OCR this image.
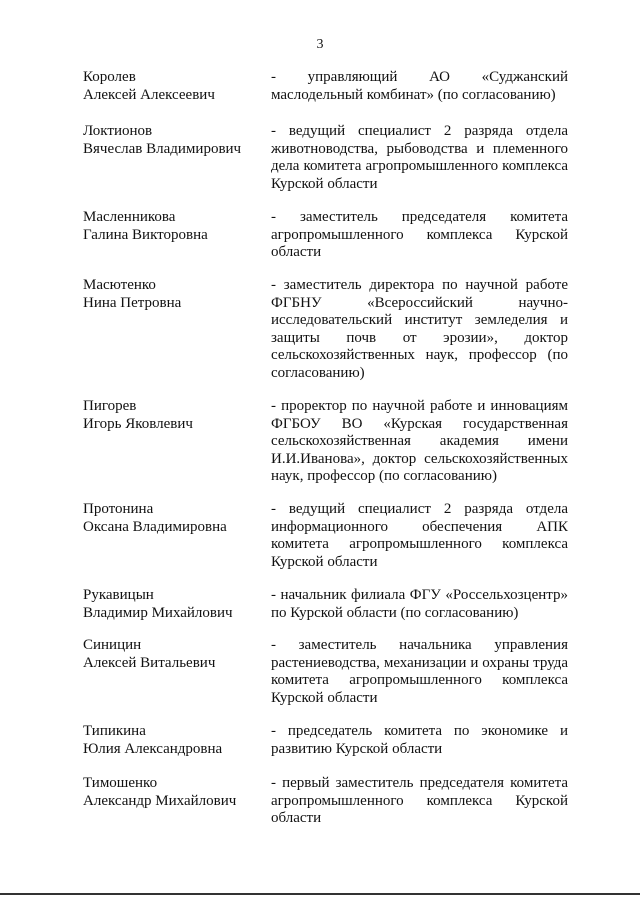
3
Королев
Алексей Алексеевич
- управляющий АО «Суджанский маслодельный комбинат» (по согласованию)
Локтионов
Вячеслав Владимирович
- ведущий специалист 2 разряда отдела животноводства, рыбоводства и племенного дела комитета агропромышленного комплекса Курской области
Масленникова
Галина Викторовна
- заместитель председателя комитета агропромышленного комплекса Курской области
Масютенко
Нина Петровна
- заместитель директора по научной работе ФГБНУ «Всероссийский научно-исследовательский институт земледелия и защиты почв от эрозии», доктор сельскохозяйственных наук, профессор (по согласованию)
Пигорев
Игорь Яковлевич
- проректор по научной работе и инновациям ФГБОУ ВО «Курская государственная сельскохозяйственная академия имени И.И.Иванова», доктор сельскохозяйственных наук, профессор (по согласованию)
Протонина
Оксана Владимировна
- ведущий специалист 2 разряда отдела информационного обеспечения АПК комитета агропромышленного комплекса Курской области
Рукавицын
Владимир Михайлович
- начальник филиала ФГУ «Россельхозцентр» по Курской области (по согласованию)
Синицин
Алексей Витальевич
- заместитель начальника управления растениеводства, механизации и охраны труда комитета агропромышленного комплекса Курской области
Типикина
Юлия Александровна
- председатель комитета по экономике и развитию Курской области
Тимошенко
Александр Михайлович
- первый заместитель председателя комитета агропромышленного комплекса Курской области
